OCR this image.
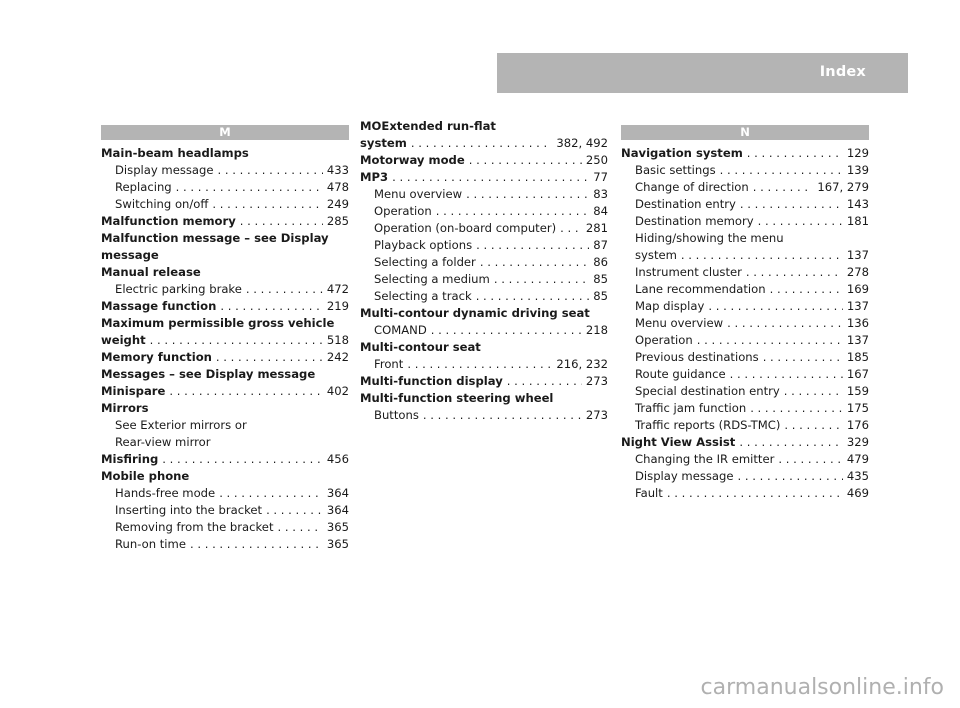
Index
M
Main-beam headlamps
Display message . . .	433
Replacing . . .	478
Switching on/off . . .	249
Malfunction memory . . .	285
Malfunction message – see Display
message
Manual release
Electric parking brake . . .	472
Massage function . . .	219
Maximum permissible gross vehicle
weight . . .	518
Memory function . . .	242
Messages – see Display message
Minispare . . .	402
Mirrors
See Exterior mirrors or
Rear-view mirror
Misfiring . . .	456
Mobile phone
Hands-free mode . . .	364
Inserting into the bracket . . .	364
Removing from the bracket . . .	365
Run-on time . . .	365
MOExtended run-flat
system . . .	382, 492
Motorway mode . . .	250
MP3 . . .	77
Menu overview . . .	83
Operation . . .	84
Operation (on-board computer) . . .	281
Playback options . . .	87
Selecting a folder . . .	86
Selecting a medium . . .	85
Selecting a track . . .	85
Multi-contour dynamic driving seat
COMAND . . .	218
Multi-contour seat
Front . . .	216, 232
Multi-function display . . .	273
Multi-function steering wheel
Buttons . . .	273
N
Navigation system . . .	129
Basic settings . . .	139
Change of direction . . .	167, 279
Destination entry . . .	143
Destination memory . . .	181
Hiding/showing the menu
system . . .	137
Instrument cluster . . .	278
Lane recommendation . . .	169
Map display . . .	137
Menu overview . . .	136
Operation . . .	137
Previous destinations . . .	185
Route guidance . . .	167
Special destination entry . . .	159
Traffic jam function . . .	175
Traffic reports (RDS-TMC) . . .	176
Night View Assist . . .	329
Changing the IR emitter . . .	479
Display message . . .	435
Fault . . .	469
carmanualsonline.info
